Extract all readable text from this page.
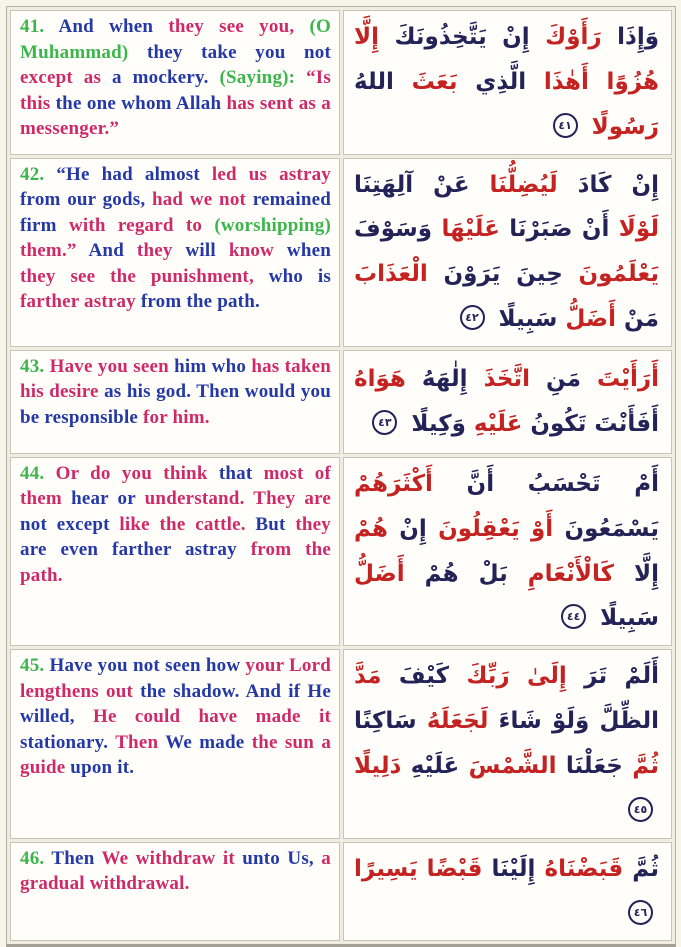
41. And when they see you, (O Muhammad) they take you not except as a mockery. (Saying): “Is this the one whom Allah has sent as a messenger.”	وَإِذَا رَأَوْكَ إِنْ يَتَّخِذُونَكَ إِلَّا هُزُوًا أَهٰذَا الَّذِي بَعَثَ اللهُ رَسُولًا ٤١
42. “He had almost led us astray from our gods, had we not remained firm with regard to (worshipping) them.” And they will know when they see the punishment, who is farther astray from the path.	إِنْ كَادَ لَيُضِلُّنَا عَنْ آلِهَتِنَا لَوْلَا أَنْ صَبَرْنَا عَلَيْهَا وَسَوْفَ يَعْلَمُونَ حِينَ يَرَوْنَ الْعَذَابَ مَنْ أَضَلُّ سَبِيلًا ٤٢
43. Have you seen him who has taken his desire as his god. Then would you be responsible for him.	أَرَأَيْتَ مَنِ اتَّخَذَ إِلٰهَهُ هَوَاهُ أَفَأَنْتَ تَكُونُ عَلَيْهِ وَكِيلًا ٤٣
44. Or do you think that most of them hear or understand. They are not except like the cattle. But they are even farther astray from the path.	أَمْ تَحْسَبُ أَنَّ أَكْثَرَهُمْ يَسْمَعُونَ أَوْ يَعْقِلُونَ إِنْ هُمْ إِلَّا كَالْأَنْعَامِ بَلْ هُمْ أَضَلُّ سَبِيلًا ٤٤
45. Have you not seen how your Lord lengthens out the shadow. And if He willed, He could have made it stationary. Then We made the sun a guide upon it.	أَلَمْ تَرَ إِلَىٰ رَبِّكَ كَيْفَ مَدَّ الظِّلَّ وَلَوْ شَاءَ لَجَعَلَهُ سَاكِنًا ثُمَّ جَعَلْنَا الشَّمْسَ عَلَيْهِ دَلِيلًا ٤٥
46. Then We withdraw it unto Us, a gradual withdrawal.	ثُمَّ قَبَضْنَاهُ إِلَيْنَا قَبْضًا يَسِيرًا ٤٦
